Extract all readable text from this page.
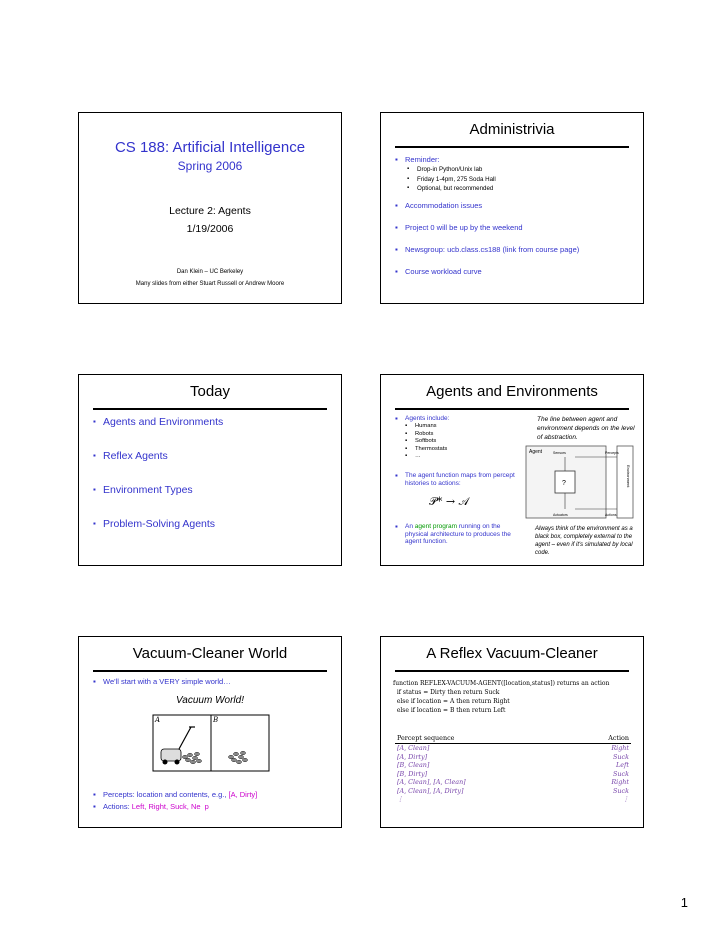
CS 188: Artificial Intelligence
Spring 2006
Lecture 2: Agents
1/19/2006
Dan Klein – UC Berkeley
Many slides from either Stuart Russell or Andrew Moore
Administrivia
▪ Reminder:
▪ Drop-in Python/Unix lab
▪ Friday 1-4pm, 275 Soda Hall
▪ Optional, but recommended
▪ Accommodation issues
▪ Project 0 will be up by the weekend
▪ Newsgroup: ucb.class.cs188 (link from course page)
▪ Course workload curve
Today
▪ Agents and Environments
▪ Reflex Agents
▪ Environment Types
▪ Problem-Solving Agents
Agents and Environments
▪ Agents include:
▪ Humans
▪ Robots
▪ Softbots
▪ Thermostats
▪ …
▪ The agent function maps from percept histories to actions:
𝒫* → 𝒜
▪ An agent program running on the physical architecture to produces the agent function.
The line between agent and environment depends on the level of abstraction.
Always think of the environment as a black box, completely external to the agent – even if it's simulated by local code.
Agent	Sensors
Actuators
Percepts
Actions
Environment
?
Vacuum-Cleaner World
▪ We'll start with a VERY simple world…
Vacuum World!
A	B
▪ Percepts: location and contents, e.g., [A, Dirty]
▪ Actions: Left, Right, Suck, Ne p
A Reflex Vacuum-Cleaner
function REFLEX-VACUUM-AGENT([location,status]) returns an action
if status = Dirty then return Suck
else if location = A then return Right
else if location = B then return Left
Percept sequence	Action
[A, Clean]	Right
[A, Dirty]	Suck
[B, Clean]	Left
[B, Dirty]	Suck
[A, Clean], [A, Clean]	Right
[A, Clean], [A, Dirty]	Suck
⋮	⋮
1
